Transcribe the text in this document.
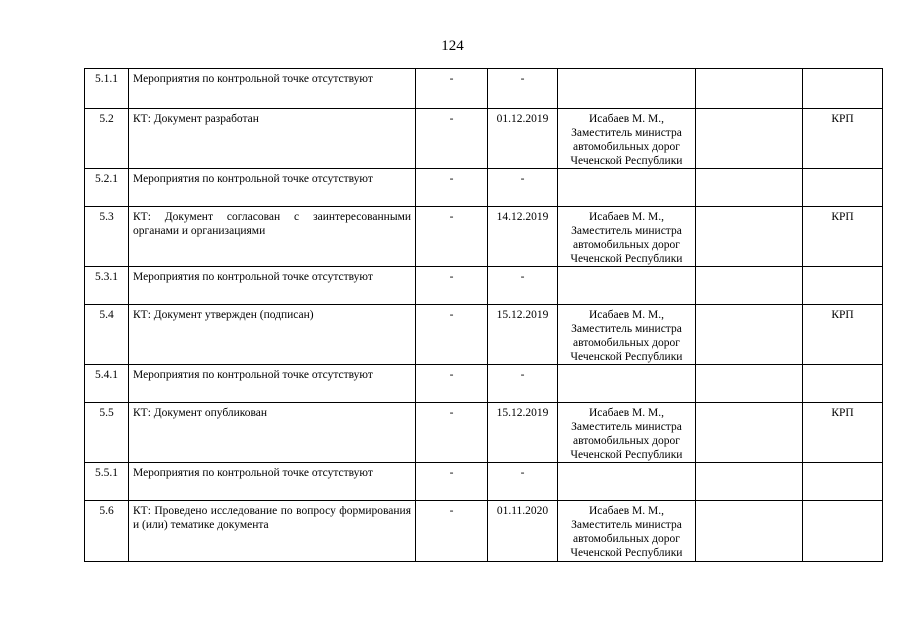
124
5.1.1	Мероприятия по контрольной точке отсутствуют	-	-			
5.2	КТ: Документ разработан	-	01.12.2019	Исабаев М. М.,
Заместитель министра
автомобильных дорог
Чеченской Республики		КРП
5.2.1	Мероприятия по контрольной точке отсутствуют	-	-			
5.3	КТ: Документ согласован с заинтересованными органами и организациями	-	14.12.2019	Исабаев М. М.,
Заместитель министра
автомобильных дорог
Чеченской Республики		КРП
5.3.1	Мероприятия по контрольной точке отсутствуют	-	-			
5.4	КТ: Документ утвержден (подписан)	-	15.12.2019	Исабаев М. М.,
Заместитель министра
автомобильных дорог
Чеченской Республики		КРП
5.4.1	Мероприятия по контрольной точке отсутствуют	-	-			
5.5	КТ: Документ опубликован	-	15.12.2019	Исабаев М. М.,
Заместитель министра
автомобильных дорог
Чеченской Республики		КРП
5.5.1	Мероприятия по контрольной точке отсутствуют	-	-			
5.6	КТ: Проведено исследование по вопросу формирования и (или) тематике документа	-	01.11.2020	Исабаев М. М.,
Заместитель министра
автомобильных дорог
Чеченской Республики		
